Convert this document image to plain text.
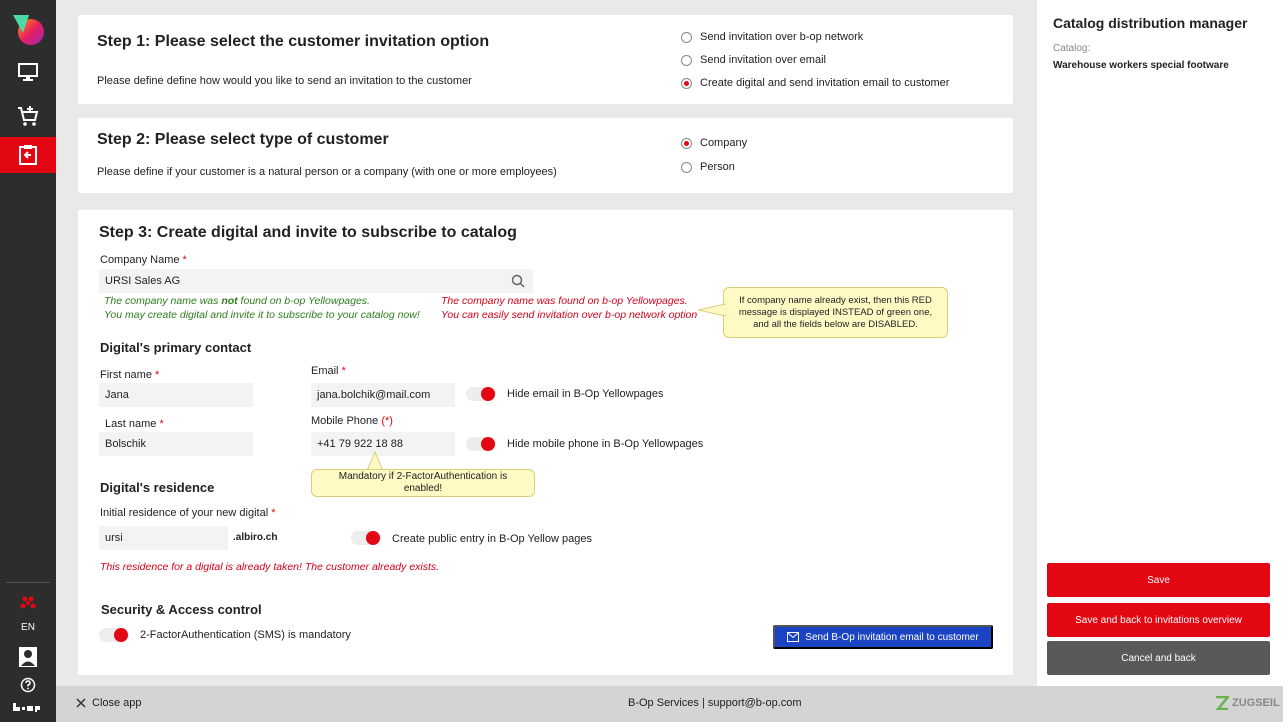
EN
Step 1: Please select the customer invitation option
Please define define how would you like to send an invitation to the customer
Send invitation over b-op network
Send invitation over email
Create digital and send invitation email to customer
Step 2: Please select type of customer
Please define if your customer is a natural person or a company (with one or more employees)
Company
Person
Step 3: Create digital and invite to subscribe to catalog
Company Name *
URSI Sales AG
The company name was not found on b-op Yellowpages.
You may create digital and invite it to subscribe to your catalog now!
The company name was found on b-op Yellowpages.
You can easily send invitation over b-op network option
If company name already exist, then this RED message is displayed INSTEAD of green one, and all the fields below are DISABLED.
Digital's primary contact
First name *
Jana
Last name *
Bolschik
Email *
jana.bolchik@mail.com	Hide email in B-Op Yellowpages
Mobile Phone (*)
+41 79 922 18 88	Hide mobile phone in B-Op Yellowpages
Mandatory if 2-FactorAuthentication is enabled!
Digital's residence
Initial residence of your new digital *
ursi	.albiro.ch	Create public entry in B-Op Yellow pages
This residence for a digital is already taken! The customer already exists.
Security & Access control
2-FactorAuthentication (SMS) is mandatory	Send B-Op invitation email to customer
Catalog distribution manager
Catalog:
Warehouse workers special footware
Save
Save and back to invitations overview
Cancel and back
Close app	B-Op Services | support@b-op.com	ZUGSEIL
